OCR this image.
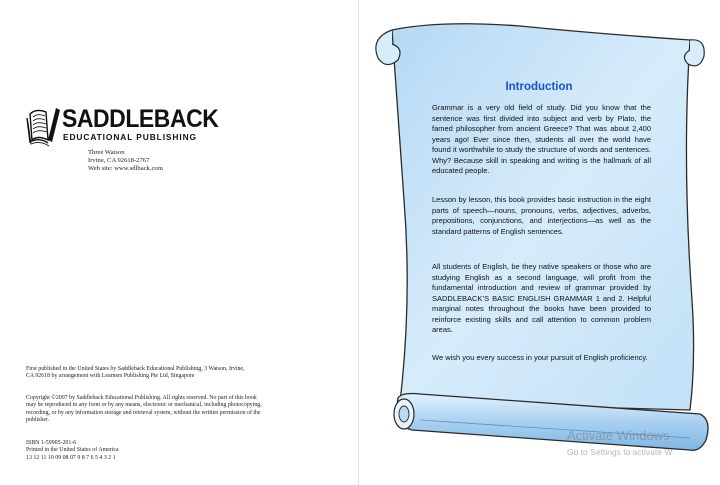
SADDLEBACK
EDUCATIONAL PUBLISHING
Three Watson
Irvine, CA 92618-2767
Web site: www.sdlback.com
First published in the United States by Saddleback Educational Publishing, 3 Watson, Irvine,
CA 92618 by arrangement with Learners Publishing Pte Ltd, Singapore
Copyright ©2007 by Saddleback Educational Publishing. All rights reserved. No part of this book
may be reproduced in any form or by any means, electronic or mechanical, including photocopying,
recording, or by any information storage and retrieval system, without the written permission of the
publisher.
ISBN 1-59905-201-6
Printed in the United States of America
13 12 11 10 09 08 07 9 8 7 6 5 4 3 2 1
Introduction

Grammar is a very old field of study. Did you know that the sentence was first divided into subject and verb by Plato, the famed philosopher from ancient Greece? That was about 2,400 years ago! Ever since then, students all over the world have found it worthwhile to study the structure of words and sentences. Why? Because skill in speaking and writing is the hallmark of all educated people.

Lesson by lesson, this book provides basic instruction in the eight parts of speech—nouns, pronouns, verbs, adjectives, adverbs, prepositions, conjunctions, and interjections—as well as the standard patterns of English sentences.

All students of English, be they native speakers or those who are studying English as a second language, will profit from the fundamental introduction and review of grammar provided by SADDLEBACK’S BASIC ENGLISH GRAMMAR 1 and 2. Helpful marginal notes throughout the books have been provided to reinforce existing skills and call attention to common problem areas.

We wish you every success in your pursuit of English proficiency.

Activate Windows
Go to Settings to activate W
